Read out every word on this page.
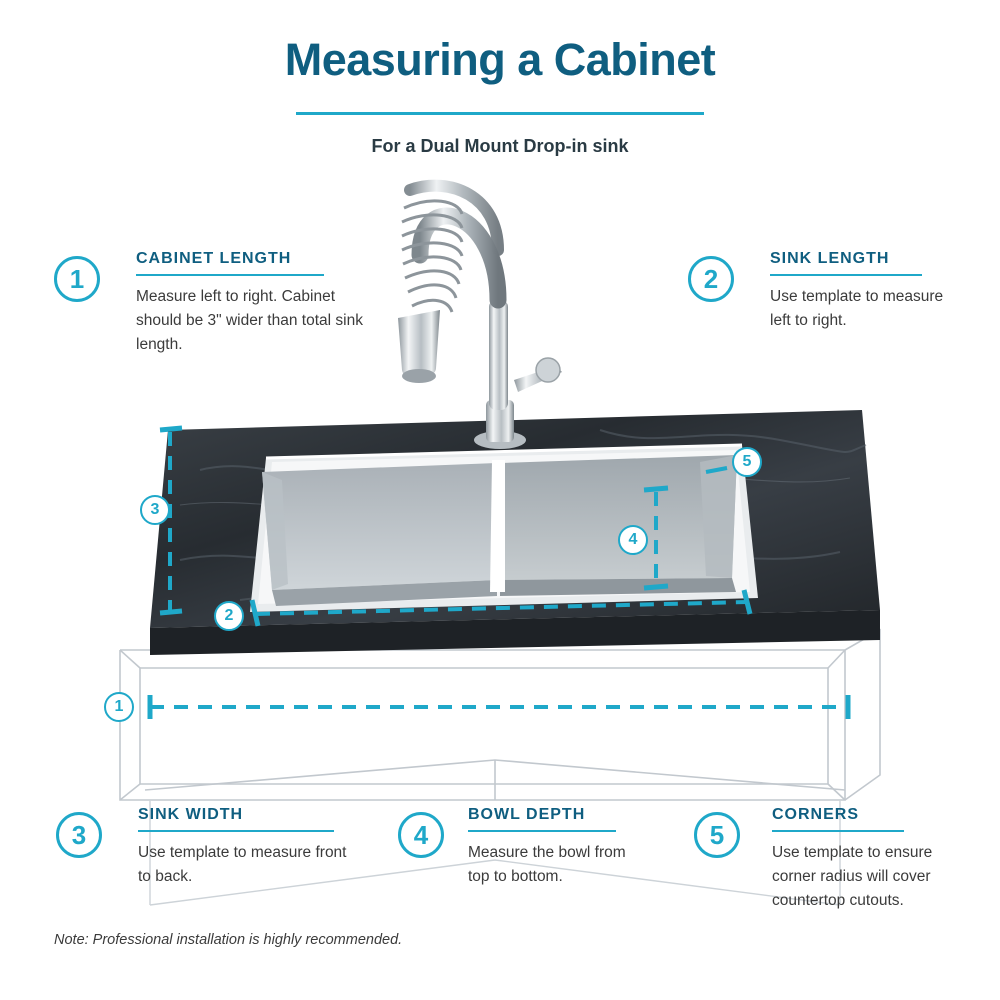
Measuring a Cabinet
For a Dual Mount Drop-in sink
3
2
5
4
1
1
CABINET LENGTH
Measure left to right. Cabinet should be 3" wider than total sink length.
2
SINK LENGTH
Use template to measure left to right.
3
SINK WIDTH
Use template to measure front to back.
4
BOWL DEPTH
Measure the bowl from top to bottom.
5
CORNERS
Use template to ensure corner radius will cover countertop cutouts.
Note: Professional installation is highly recommended.
